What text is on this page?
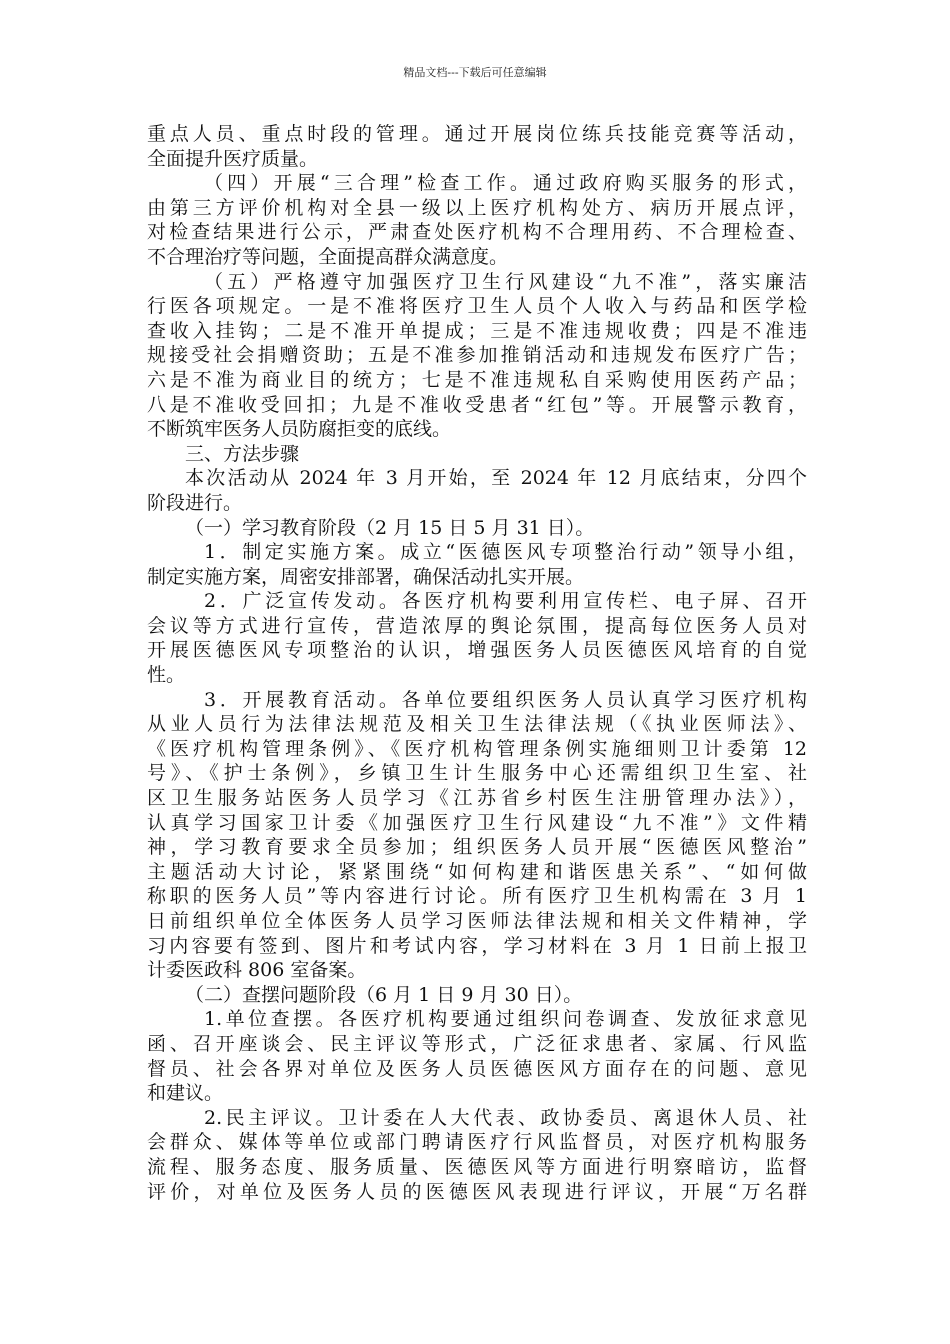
精品文档---下载后可任意编辑

重点人员、重点时段的管理。通过开展岗位练兵技能竞赛等活动，
全面提升医疗质量。

（四）开展“三合理”检查工作。通过政府购买服务的形式，
由第三方评价机构对全县一级以上医疗机构处方、病历开展点评，
对检查结果进行公示，严肃查处医疗机构不合理用药、不合理检查、
不合理治疗等问题，全面提高群众满意度。

（五）严格遵守加强医疗卫生行风建设“九不准”，落实廉洁
行医各项规定。一是不准将医疗卫生人员个人收入与药品和医学检
查收入挂钩；二是不准开单提成；三是不准违规收费；四是不准违
规接受社会捐赠资助；五是不准参加推销活动和违规发布医疗广告；
六是不准为商业目的统方；七是不准违规私自采购使用医药产品；
八是不准收受回扣；九是不准收受患者“红包”等。开展警示教育，
不断筑牢医务人员防腐拒变的底线。

三、方法步骤

本次活动从 2024 年 3 月开始，至 2024 年 12 月底结束，分四个
阶段进行。

（一）学习教育阶段（2 月 15 日 5 月 31 日）。

1．制定实施方案。成立“医德医风专项整治行动”领导小组，
制定实施方案，周密安排部署，确保活动扎实开展。

2．广泛宣传发动。各医疗机构要利用宣传栏、电子屏、召开
会议等方式进行宣传，营造浓厚的舆论氛围，提高每位医务人员对
开展医德医风专项整治的认识，增强医务人员医德医风培育的自觉
性。

3．开展教育活动。各单位要组织医务人员认真学习医疗机构
从业人员行为法律法规范及相关卫生法律法规（《执业医师法》、
《医疗机构管理条例》、《医疗机构管理条例实施细则卫计委第 12
号》、《护士条例》，乡镇卫生计生服务中心还需组织卫生室、社
区卫生服务站医务人员学习《江苏省乡村医生注册管理办法》），
认真学习国家卫计委《加强医疗卫生行风建设“九不准”》文件精
神，学习教育要求全员参加；组织医务人员开展“医德医风整治”
主题活动大讨论，紧紧围绕“如何构建和谐医患关系”、“如何做
称职的医务人员”等内容进行讨论。所有医疗卫生机构需在 3 月 1
日前组织单位全体医务人员学习医师法律法规和相关文件精神，学
习内容要有签到、图片和考试内容，学习材料在 3 月 1 日前上报卫
计委医政科 806 室备案。

（二）查摆问题阶段（6 月 1 日 9 月 30 日）。

1.单位查摆。各医疗机构要通过组织问卷调查、发放征求意见
函、召开座谈会、民主评议等形式，广泛征求患者、家属、行风监
督员、社会各界对单位及医务人员医德医风方面存在的问题、意见
和建议。

2.民主评议。卫计委在人大代表、政协委员、离退休人员、社
会群众、媒体等单位或部门聘请医疗行风监督员，对医疗机构服务
流程、服务态度、服务质量、医德医风等方面进行明察暗访，监督
评价，对单位及医务人员的医德医风表现进行评议，开展“万名群
